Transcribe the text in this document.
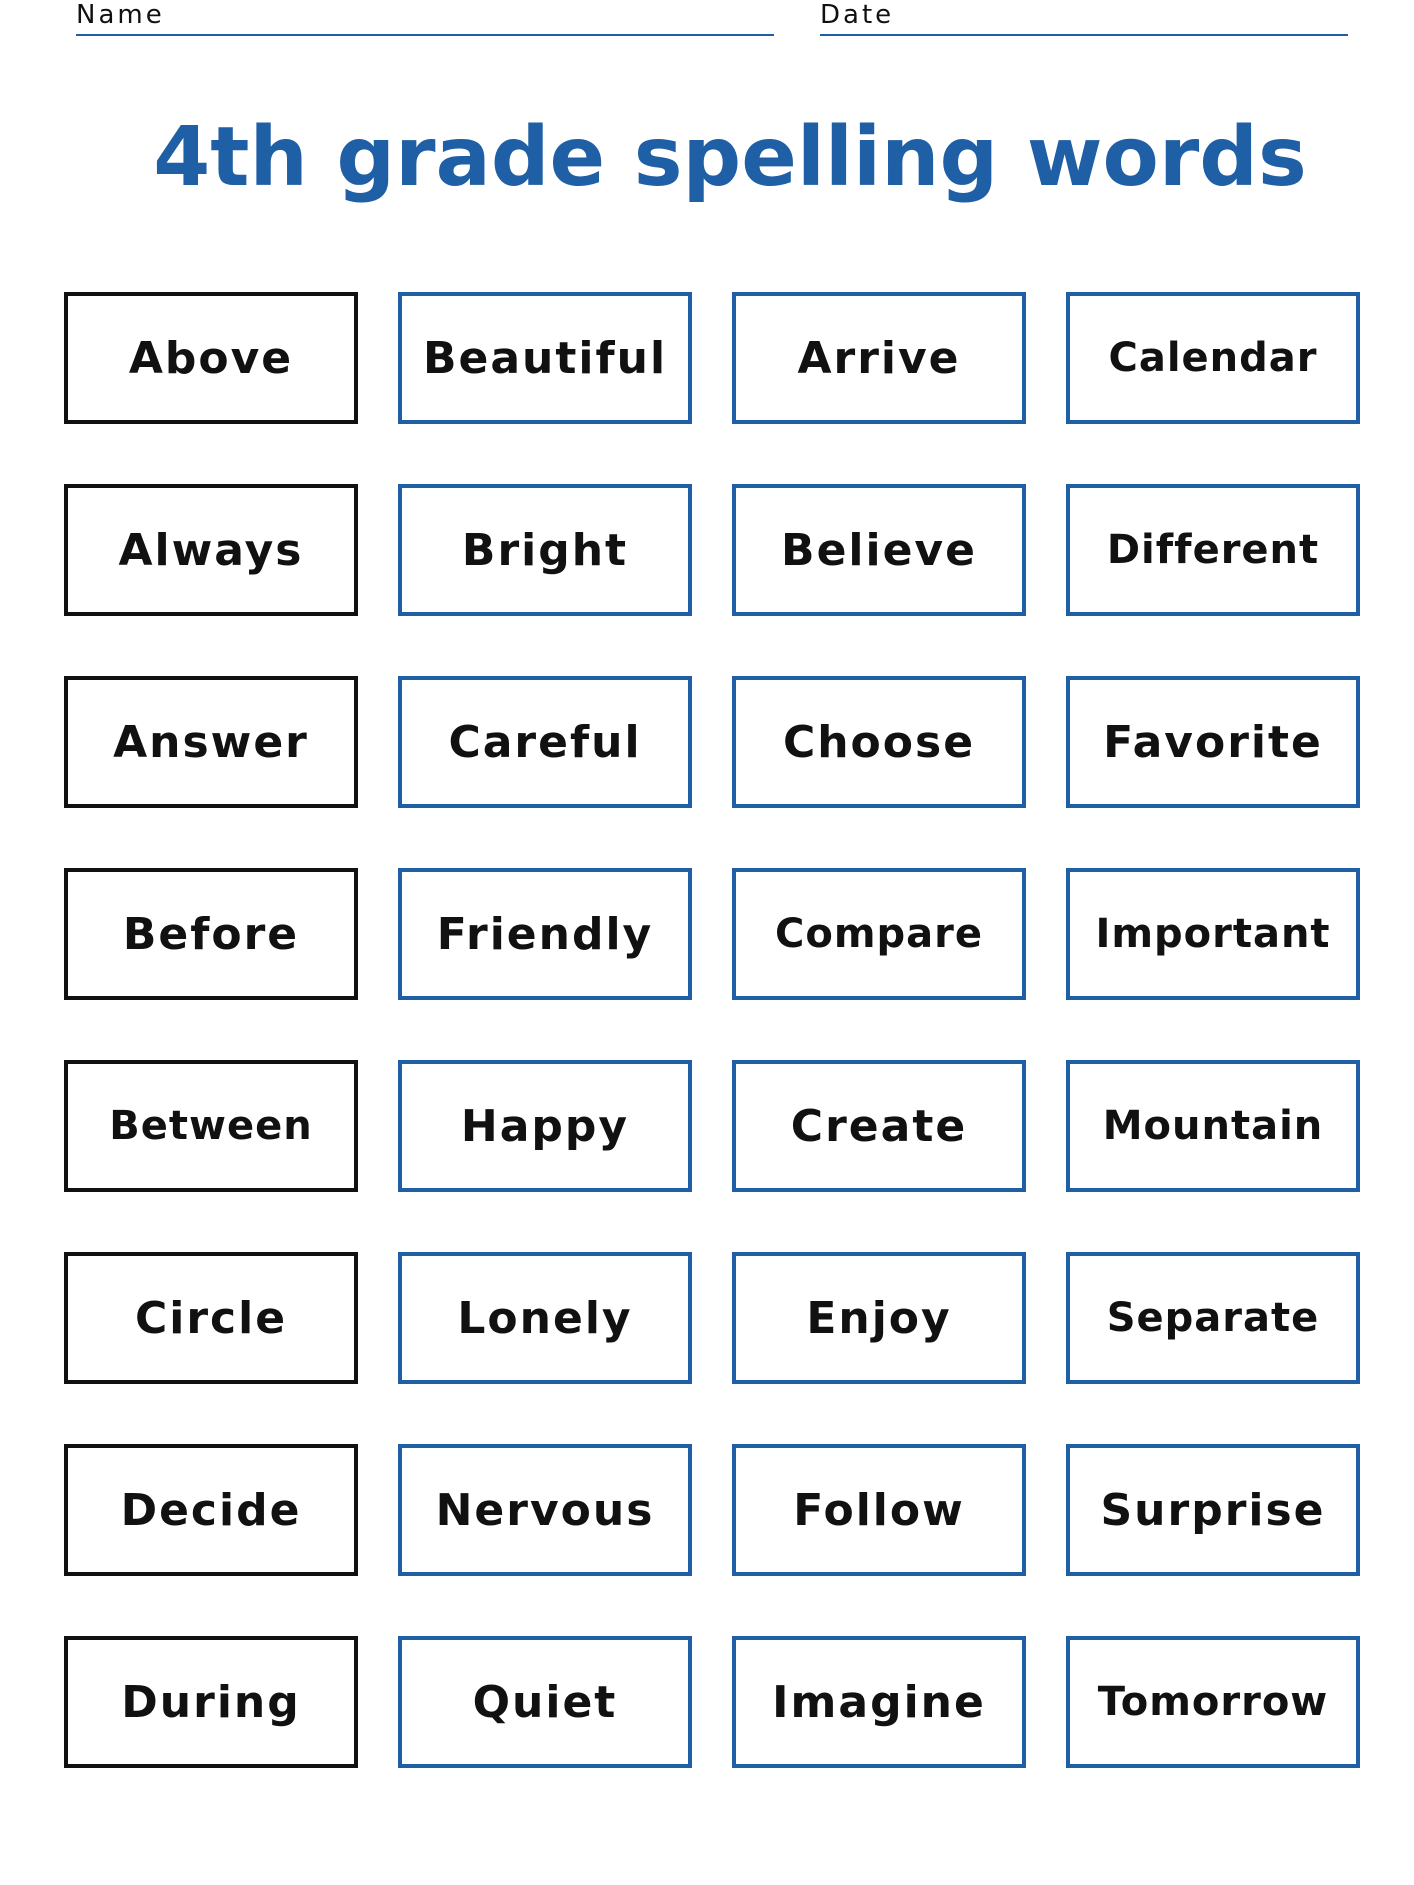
Name	Date
4th grade spelling words
Above	Beautiful	Arrive	Calendar
Always	Bright	Believe	Different
Answer	Careful	Choose	Favorite
Before	Friendly	Compare	Important
Between	Happy	Create	Mountain
Circle	Lonely	Enjoy	Separate
Decide	Nervous	Follow	Surprise
During	Quiet	Imagine	Tomorrow
